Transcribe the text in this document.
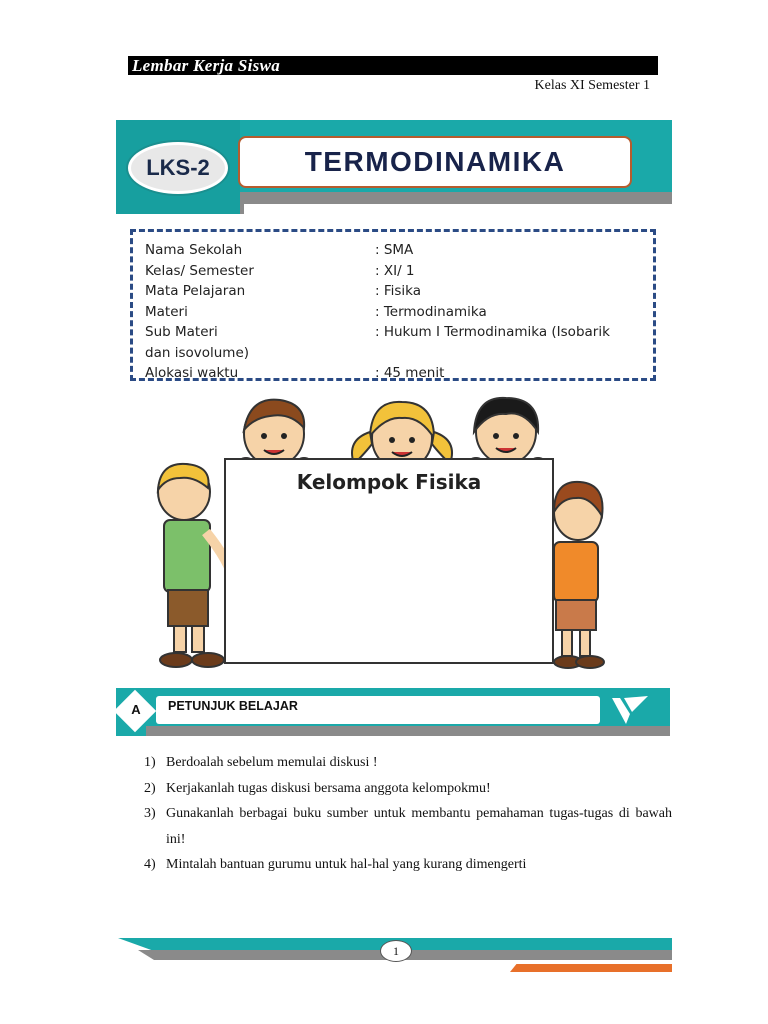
Lembar Kerja Siswa
Kelas XI Semester 1
LKS-2	TERMODINAMIKA
Nama Sekolah	: SMA
Kelas/ Semester	: XI/ 1
Mata Pelajaran	: Fisika
Materi	: Termodinamika
Sub Materi	: Hukum I Termodinamika (Isobarik
dan isovolume)
Alokasi waktu	: 45 menit
Kelompok Fisika
A	PETUNJUK BELAJAR
1) Berdoalah sebelum memulai diskusi !
2) Kerjakanlah tugas diskusi bersama anggota kelompokmu!
3) Gunakanlah berbagai buku sumber untuk membantu pemahaman tugas-tugas di bawah ini!
4) Mintalah bantuan gurumu untuk hal-hal yang kurang dimengerti
1
